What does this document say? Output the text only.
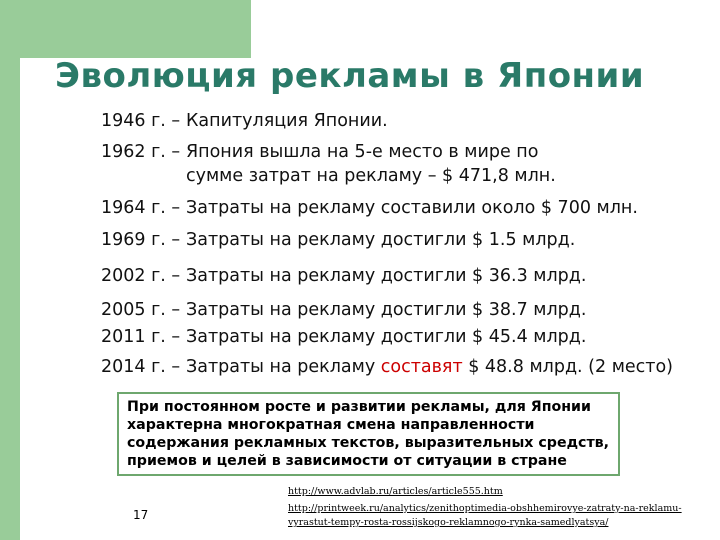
Эволюция рекламы в Японии
1946 г. – Капитуляция Японии.
1962 г. – Япония вышла на 5-е место в мире по
сумме затрат на рекламу – $ 471,8 млн.
1964 г. – Затраты на рекламу составили около $ 700 млн.
1969 г. – Затраты на рекламу достигли $ 1.5 млрд.
2002 г. – Затраты на рекламу достигли $ 36.3 млрд.
2005 г. – Затраты на рекламу достигли $ 38.7 млрд.
2011 г. – Затраты на рекламу достигли $ 45.4 млрд.
2014 г. – Затраты на рекламу составят $ 48.8 млрд. (2 место)
При постоянном росте и развитии рекламы, для Японии характерна многократная смена направленности содержания рекламных текстов, выразительных средств, приемов и целей в зависимости от ситуации в стране
17
http://www.advlab.ru/articles/article555.htm
http://printweek.ru/analytics/zenithoptimedia-obshhemirovye-zatraty-na-reklamu-
vyrastut-tempy-rosta-rossijskogo-reklamnogo-rynka-samedlyatsya/
